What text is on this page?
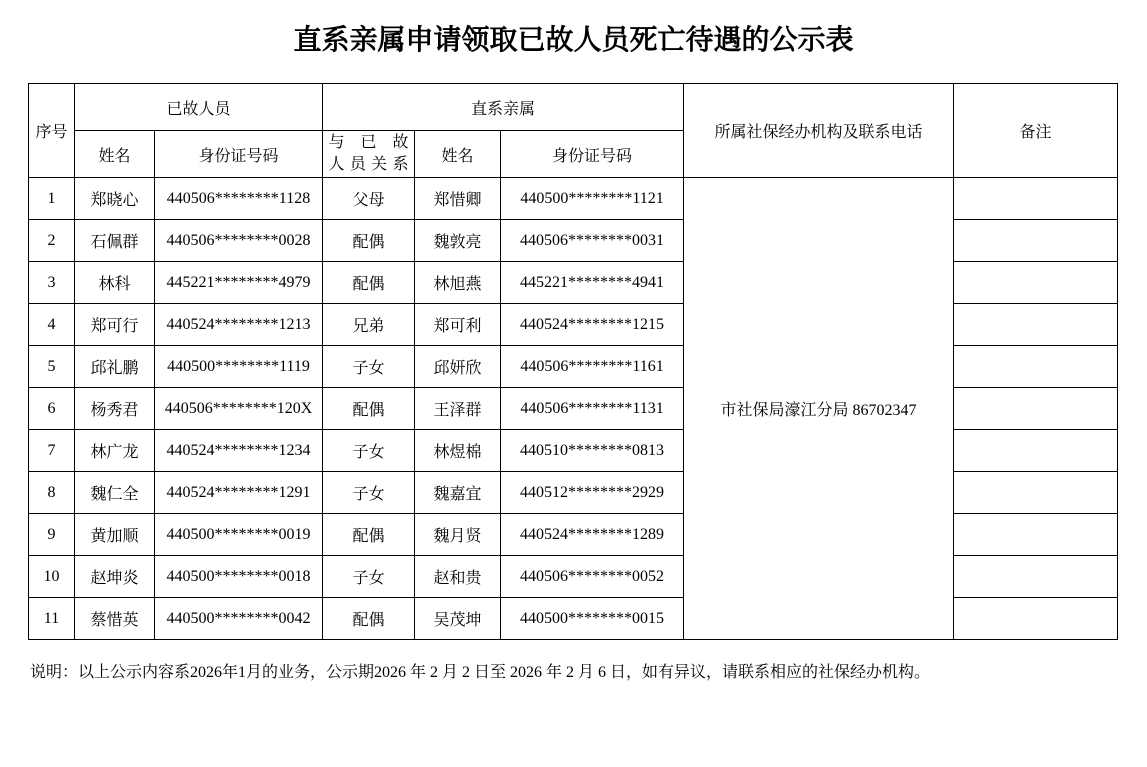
直系亲属申请领取已故人员死亡待遇的公示表
序号	已故人员		直系亲属			所属社保经办机构及联系电话	备注
	姓名	身份证号码	与已故
人员关系	姓名	身份证号码		
1	郑晓心	440506********1128	父母	郑惜卿	440500********1121	市社保局濠江分局 86702347	
2	石佩群	440506********0028	配偶	魏敦亮	440506********0031		
3	林科	445221********4979	配偶	林旭燕	445221********4941		
4	郑可行	440524********1213	兄弟	郑可利	440524********1215		
5	邱礼鹏	440500********1119	子女	邱妍欣	440506********1161		
6	杨秀君	440506********120X	配偶	王泽群	440506********1131		
7	林广龙	440524********1234	子女	林煜棉	440510********0813		
8	魏仁全	440524********1291	子女	魏嘉宜	440512********2929		
9	黄加顺	440500********0019	配偶	魏月贤	440524********1289		
10	赵坤炎	440500********0018	子女	赵和贵	440506********0052		
11	蔡惜英	440500********0042	配偶	吴茂坤	440500********0015		
说明：以上公示内容系2026年1月的业务，公示期2026 年 2 月 2 日至 2026 年 2 月 6 日，如有异议，请联系相应的社保经办机构。
